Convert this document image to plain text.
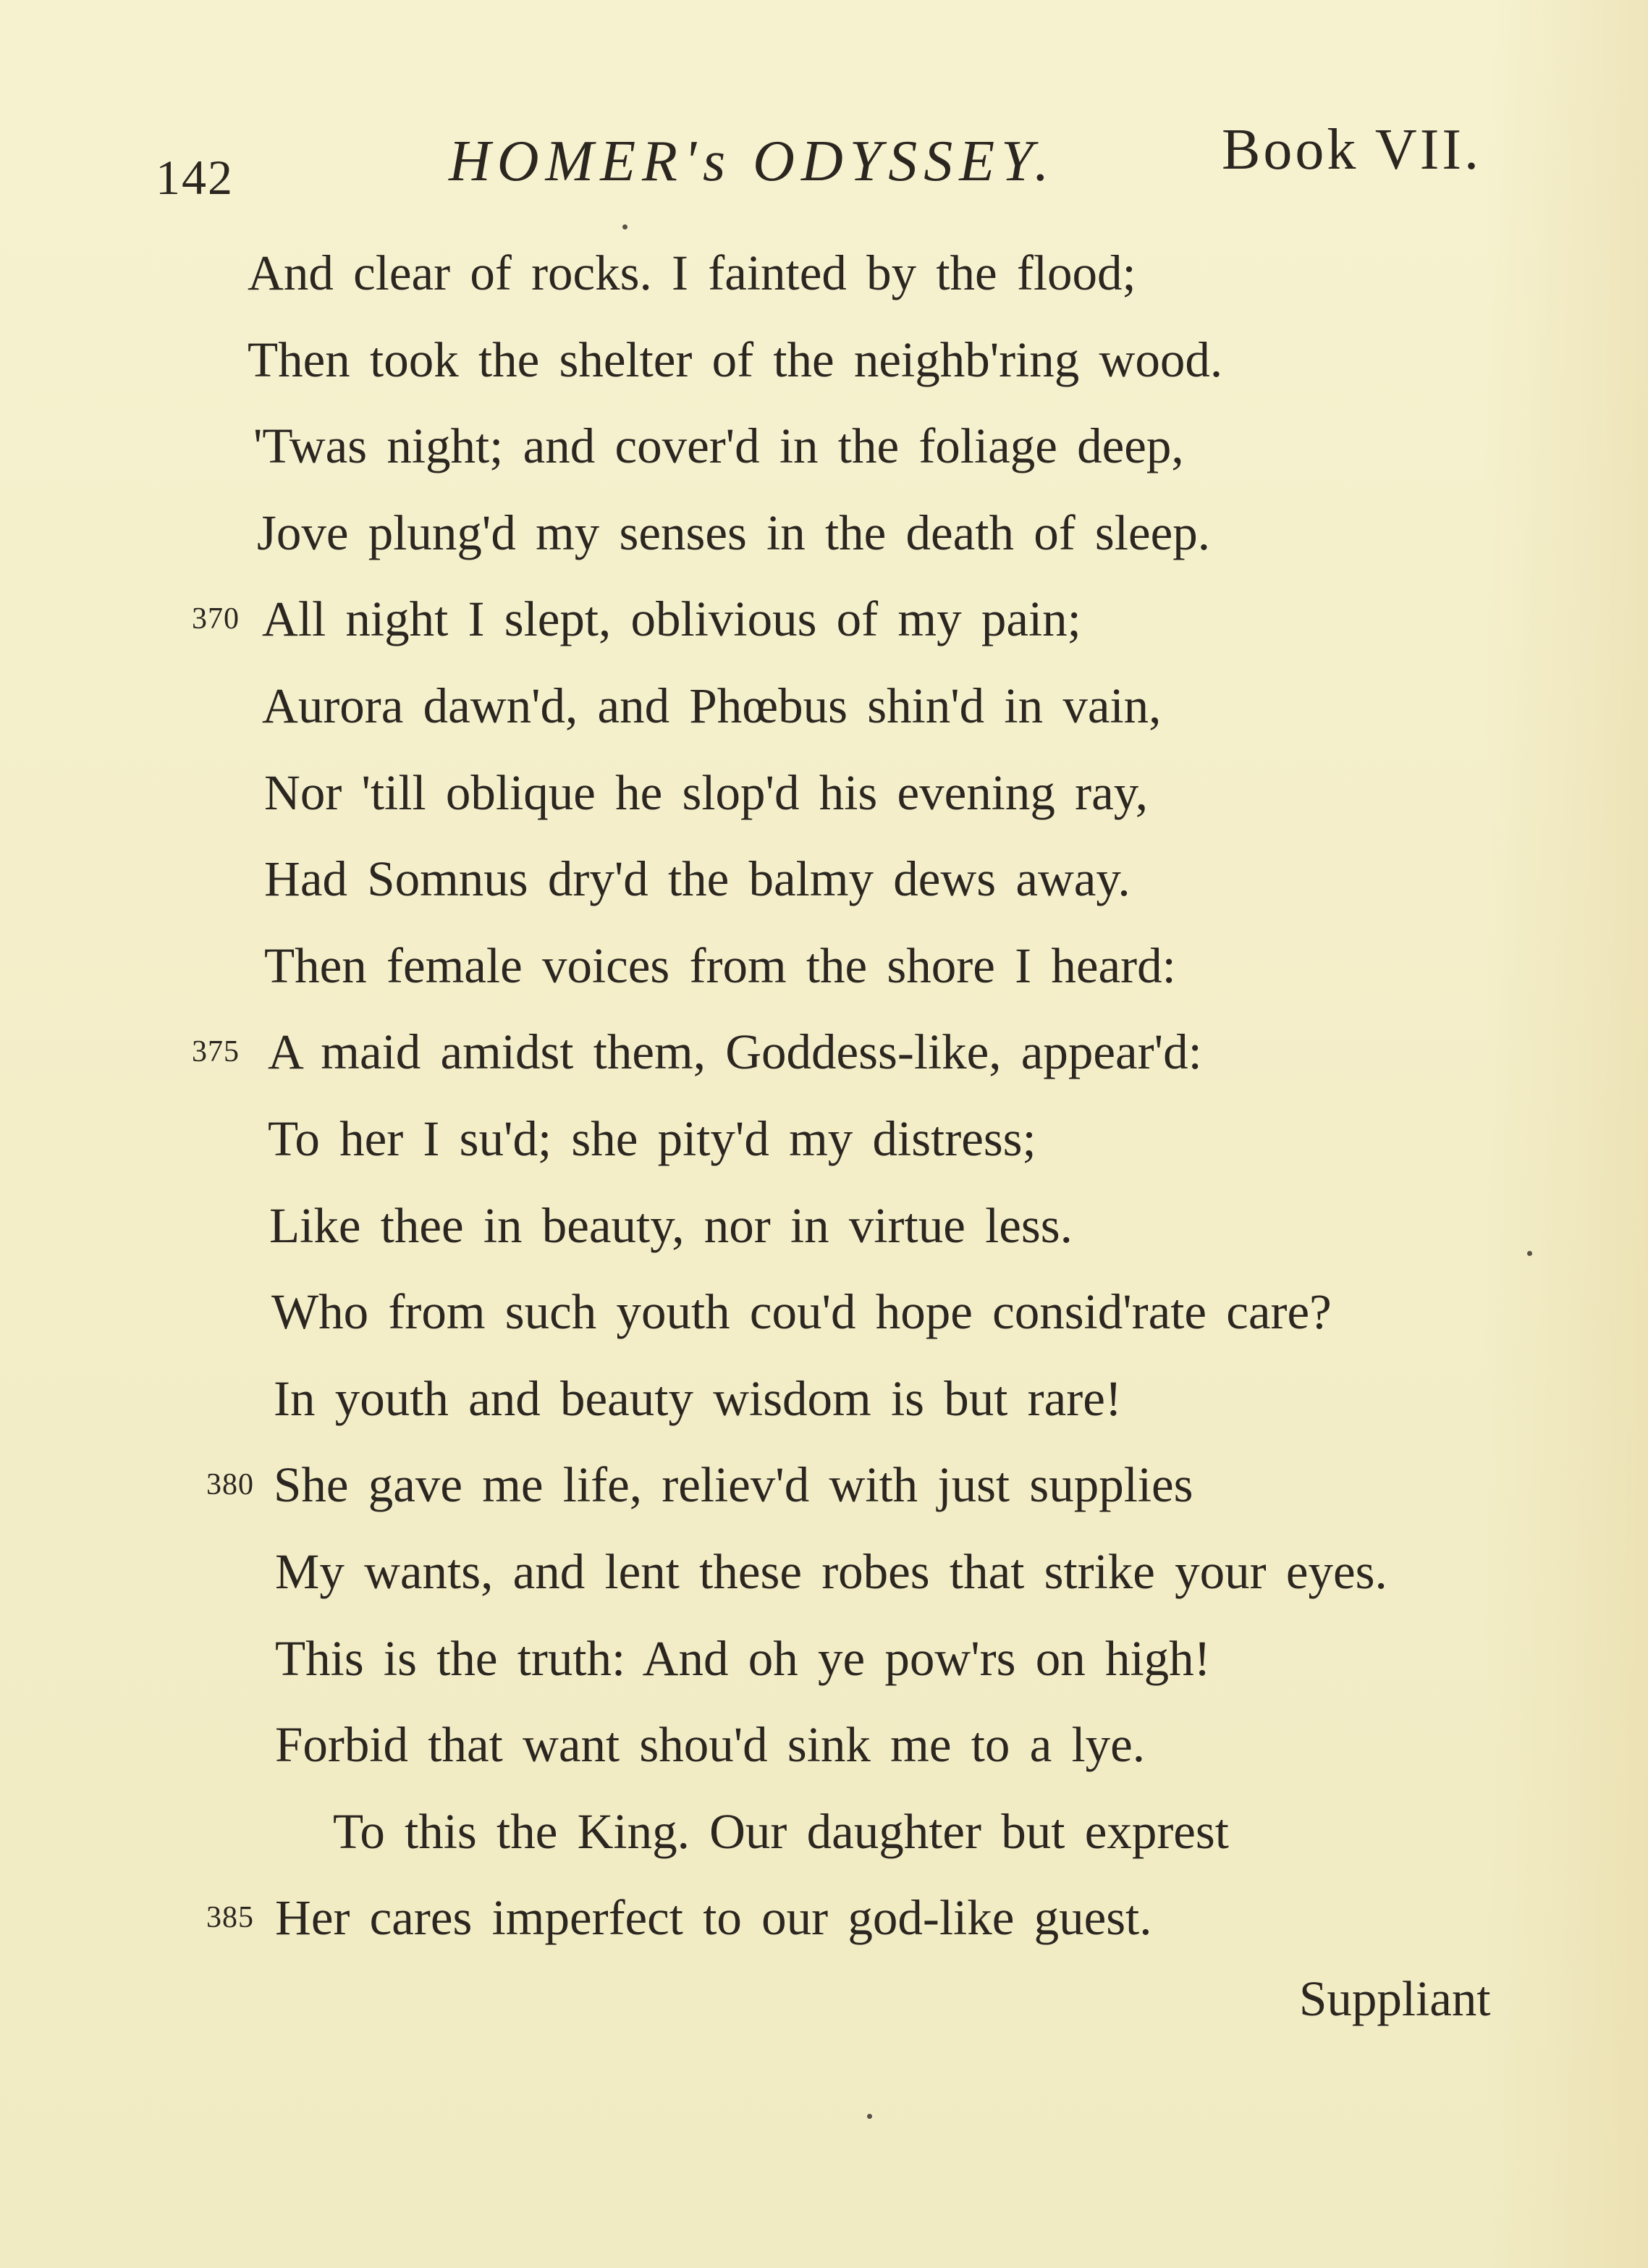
142	HOMER's ODYSSEY.	Book VII.
And clear of rocks. I fainted by the flood;
Then took the shelter of the neighb'ring wood.
'Twas night; and cover'd in the foliage deep,
Jove plung'd my senses in the death of sleep.
370 All night I slept, oblivious of my pain;
Aurora dawn'd, and Phœbus shin'd in vain,
Nor 'till oblique he slop'd his evening ray,
Had Somnus dry'd the balmy dews away.
Then female voices from the shore I heard:
375 A maid amidst them, Goddess-like, appear'd:
To her I su'd; she pity'd my distress;
Like thee in beauty, nor in virtue less.
Who from such youth cou'd hope consid'rate care?
In youth and beauty wisdom is but rare!
380 She gave me life, reliev'd with just supplies
My wants, and lent these robes that strike your eyes.
This is the truth: And oh ye pow'rs on high!
Forbid that want shou'd sink me to a lye.
To this the King. Our daughter but exprest
385 Her cares imperfect to our god-like guest.
Suppliant
